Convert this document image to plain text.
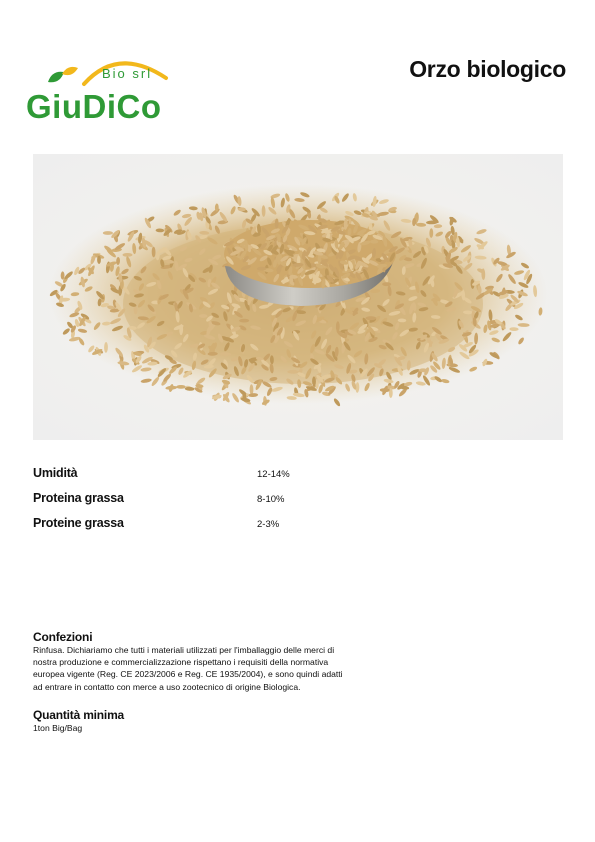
Bio srl
GiuDiCo
Orzo biologico
Umidità	12-14%
Proteina grassa	8-10%
Proteine grassa	2-3%

Confezioni

Rinfusa. Dichiariamo che tutti i materiali utilizzati per l'imballaggio delle merci di nostra produzione e commercializzazione rispettano i requisiti della normativa europea vigente (Reg. CE 2023/2006 e Reg. CE 1935/2004), e sono quindi adatti ad entrare in contatto con merce a uso zootecnico di origine Biologica.

Quantità minima

1ton Big/Bag
